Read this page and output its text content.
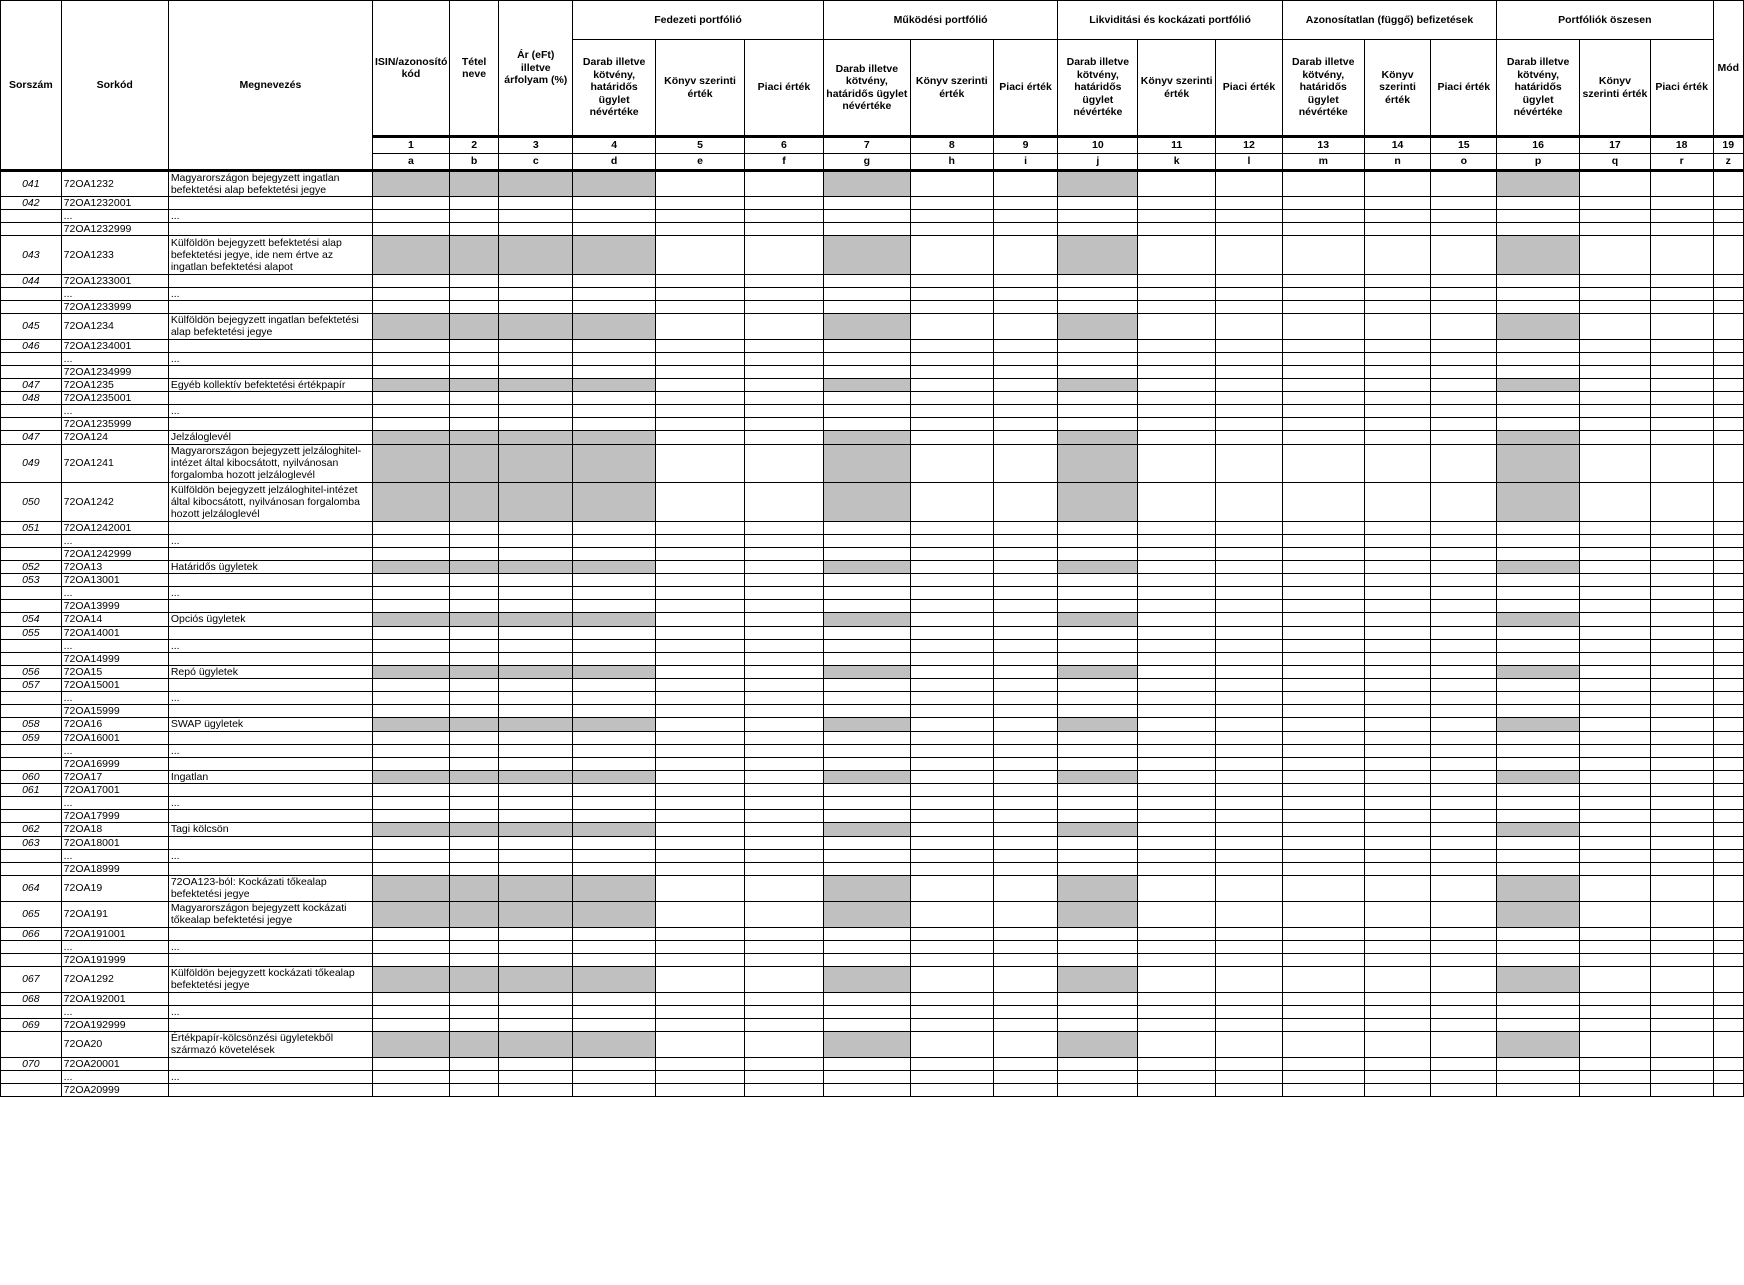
Sorszám	Sorkód	Megnevezés	ISIN/azonosító kód	Tétel neve	Ár (eFt) illetve árfolyam (%)	Fedezeti portfólió			Működési portfólió			Likviditási és kockázati portfólió			Azonosítatlan (függő) befizetések			Portfóliók öszesen			Mód
						Darab illetve kötvény, határidős ügylet névértéke	Könyv szerinti érték	Piaci érték	Darab illetve kötvény, határidős ügylet névértéke	Könyv szerinti érték	Piaci érték	Darab illetve kötvény, határidős ügylet névértéke	Könyv szerinti érték	Piaci érték	Darab illetve kötvény, határidős ügylet névértéke	Könyv szerinti érték	Piaci érték	Darab illetve kötvény, határidős ügylet névértéke	Könyv szerinti érték	Piaci érték	
			1	2	3	4	5	6	7	8	9	10	11	12	13	14	15	16	17	18	19
			a	b	c	d	e	f	g	h	i	j	k	l	m	n	o	p	q	r	z
041	72OA1232	Magyarországon bejegyzett ingatlan befektetési alap befektetési jegye																			
042	72OA1232001																				
	...	...																			
	72OA1232999																				
043	72OA1233	Külföldön bejegyzett befektetési alap befektetési jegye, ide nem értve az ingatlan befektetési alapot																			
044	72OA1233001																				
	...	...																			
	72OA1233999																				
045	72OA1234	Külföldön bejegyzett ingatlan befektetési alap befektetési jegye																			
046	72OA1234001																				
	...	...																			
	72OA1234999																				
047	72OA1235	Egyéb kollektív befektetési értékpapír																			
048	72OA1235001																				
	...	...																			
	72OA1235999																				
047	72OA124	Jelzáloglevél																			
049	72OA1241	Magyarországon bejegyzett jelzáloghitel-intézet által kibocsátott, nyilvánosan forgalomba hozott jelzáloglevél																			
050	72OA1242	Külföldön bejegyzett jelzáloghitel-intézet által kibocsátott, nyilvánosan forgalomba hozott jelzáloglevél																			
051	72OA1242001																				
	...	...																			
	72OA1242999																				
052	72OA13	Határidős ügyletek																			
053	72OA13001																				
	...	...																			
	72OA13999																				
054	72OA14	Opciós ügyletek																			
055	72OA14001																				
	...	...																			
	72OA14999																				
056	72OA15	Repó ügyletek																			
057	72OA15001																				
	...	...																			
	72OA15999																				
058	72OA16	SWAP ügyletek																			
059	72OA16001																				
	...	...																			
	72OA16999																				
060	72OA17	Ingatlan																			
061	72OA17001																				
	...	...																			
	72OA17999																				
062	72OA18	Tagi kölcsön																			
063	72OA18001																				
	...	...																			
	72OA18999																				
064	72OA19	72OA123-ból: Kockázati tőkealap befektetési jegye																			
065	72OA191	Magyarországon bejegyzett kockázati tőkealap befektetési jegye																			
066	72OA191001																				
	...	...																			
	72OA191999																				
067	72OA1292	Külföldön bejegyzett kockázati tőkealap befektetési jegye																			
068	72OA192001																				
	...	...																			
069	72OA192999																				
	72OA20	Értékpapír-kölcsönzési ügyletekből származó követelések																			
070	72OA20001																				
	...	...																			
	72OA20999																				
